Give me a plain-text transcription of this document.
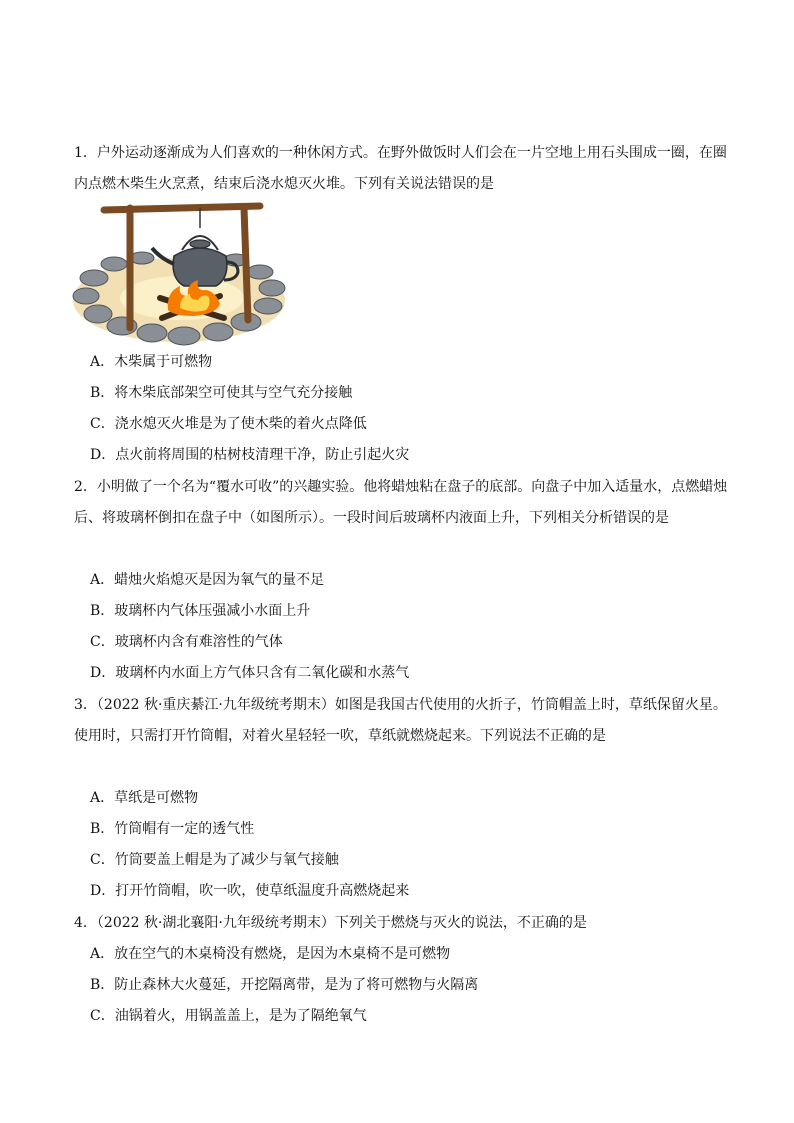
1．户外运动逐渐成为人们喜欢的一种休闲方式。在野外做饭时人们会在一片空地上用石头围成一圈，在圈
内点燃木柴生火烹煮，结束后浇水熄灭火堆。下列有关说法错误的是
A．木柴属于可燃物
B．将木柴底部架空可使其与空气充分接触
C．浇水熄灭火堆是为了使木柴的着火点降低
D．点火前将周围的枯树枝清理干净，防止引起火灾
2．小明做了一个名为“覆水可收”的兴趣实验。他将蜡烛粘在盘子的底部。向盘子中加入适量水，点燃蜡烛
后、将玻璃杯倒扣在盘子中（如图所示）。一段时间后玻璃杯内液面上升，下列相关分析错误的是
A．蜡烛火焰熄灭是因为氧气的量不足
B．玻璃杯内气体压强减小水面上升
C．玻璃杯内含有难溶性的气体
D．玻璃杯内水面上方气体只含有二氧化碳和水蒸气
3．（2022 秋·重庆綦江·九年级统考期末）如图是我国古代使用的火折子，竹筒帽盖上时，草纸保留火星。
使用时，只需打开竹筒帽，对着火星轻轻一吹，草纸就燃烧起来。下列说法不正确的是
A．草纸是可燃物
B．竹筒帽有一定的透气性
C．竹筒要盖上帽是为了减少与氧气接触
D．打开竹筒帽，吹一吹，使草纸温度升高燃烧起来
4．（2022 秋·湖北襄阳·九年级统考期末）下列关于燃烧与灭火的说法，不正确的是
A．放在空气的木桌椅没有燃烧，是因为木桌椅不是可燃物
B．防止森林大火蔓延，开挖隔离带，是为了将可燃物与火隔离
C．油锅着火，用锅盖盖上，是为了隔绝氧气
